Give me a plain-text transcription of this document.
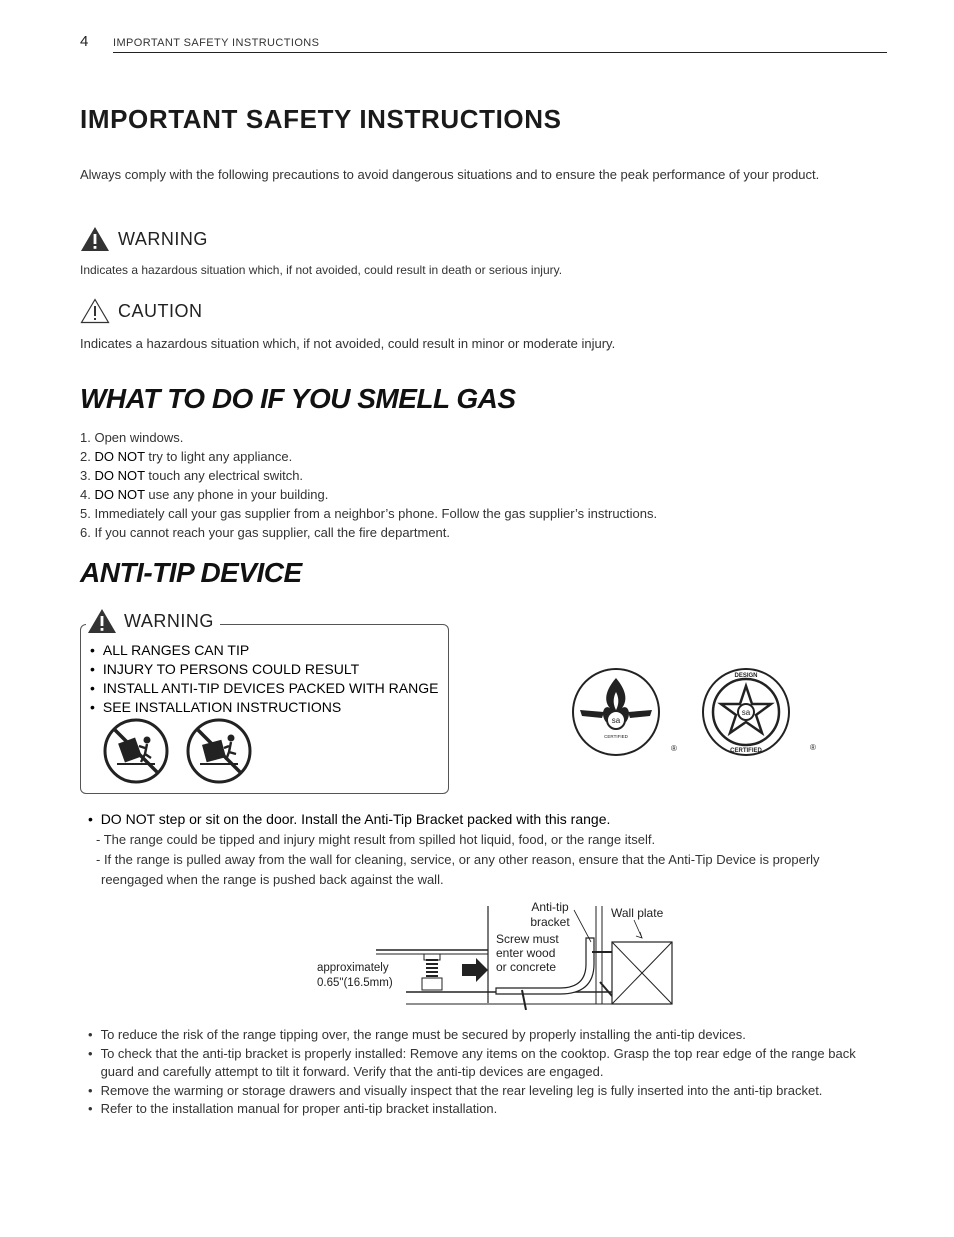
4 IMPORTANT SAFETY INSTRUCTIONS
IMPORTANT SAFETY INSTRUCTIONS
Always comply with the following precautions to avoid dangerous situations and to ensure the peak performance of your product.
WARNING
Indicates a hazardous situation which, if not avoided, could result in death or serious injury.
CAUTION
Indicates a hazardous situation which, if not avoided, could result in minor or moderate injury.
WHAT TO DO IF YOU SMELL GAS
1. Open windows.
2. DO NOT try to light any appliance.
3. DO NOT touch any electrical switch.
4. DO NOT use any phone in your building.
5. Immediately call your gas supplier from a neighbor’s phone. Follow the gas supplier’s instructions.
6. If you cannot reach your gas supplier, call the fire department.
ANTI-TIP DEVICE
WARNING
• ALL RANGES CAN TIP
• INJURY TO PERSONS COULD RESULT
• INSTALL ANTI-TIP DEVICES PACKED WITH RANGE
• SEE INSTALLATION INSTRUCTIONS
sa
CERTIFIED
®
sa
DESIGN
CERTIFIED	®
•  DO NOT step or sit on the door. Install the Anti-Tip Bracket packed with this range.
- The range could be tipped and injury might result from spilled hot liquid, food, or the range itself.
- If the range is pulled away from the wall for cleaning, service, or any other reason, ensure that the Anti-Tip Device is properly
reengaged when the range is pushed back against the wall.
Anti-tip
bracket
Wall plate
Screw must
enter wood
or concrete
approximately
0.65"(16.5mm)
• To reduce the risk of the range tipping over, the range must be secured by properly installing the anti-tip devices.
• To check that the anti-tip bracket is properly installed: Remove any items on the cooktop. Grasp the top rear edge of the range back guard and carefully attempt to tilt it forward. Verify that the anti-tip devices are engaged.
• Remove the warming or storage drawers and visually inspect that the rear leveling leg is fully inserted into the anti-tip bracket.
• Refer to the installation manual for proper anti-tip bracket installation.
